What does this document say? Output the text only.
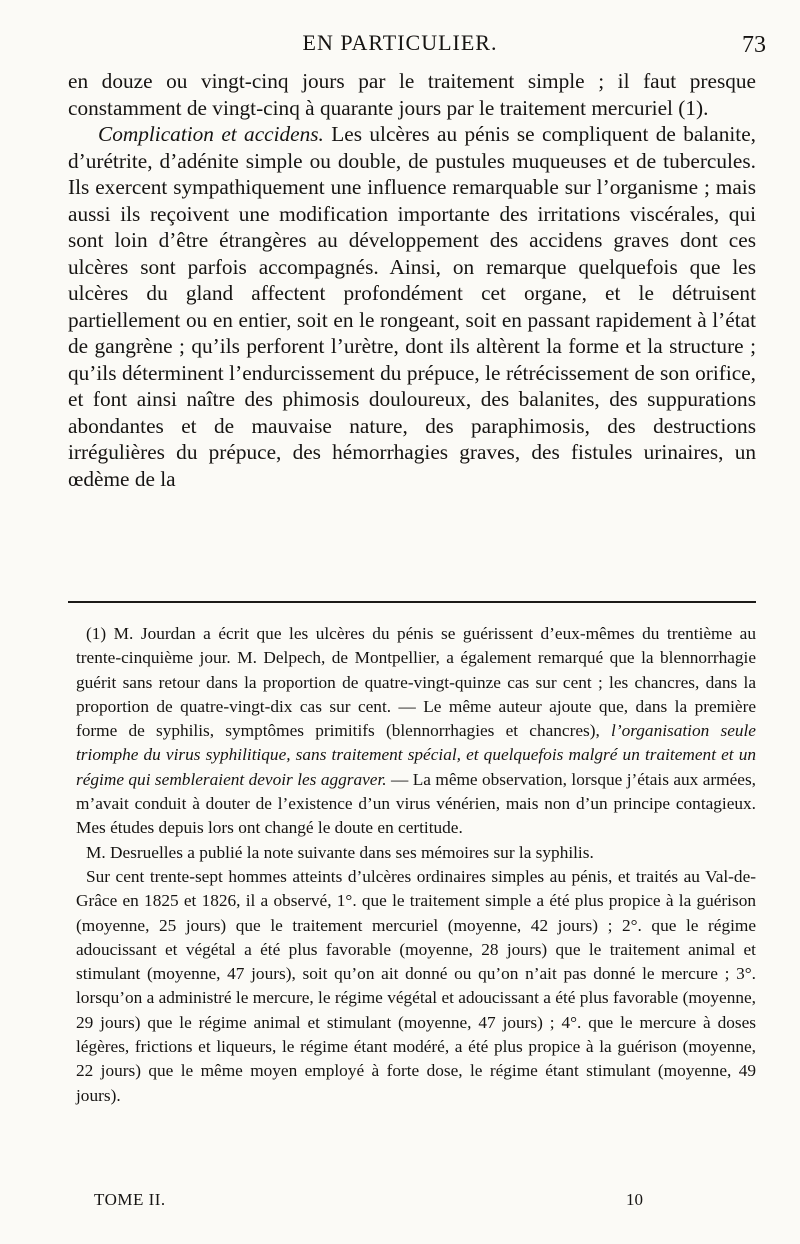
EN PARTICULIER.	73

en douze ou vingt-cinq jours par le traitement simple ; il faut presque constamment de vingt-cinq à quarante jours par le traitement mercuriel (1).

Complication et accidens. Les ulcères au pénis se compliquent de balanite, d’urétrite, d’adénite simple ou double, de pustules muqueuses et de tubercules. Ils exercent sympathiquement une influence remarquable sur l’organisme ; mais aussi ils reçoivent une modification importante des irritations viscérales, qui sont loin d’être étrangères au développement des accidens graves dont ces ulcères sont parfois accompagnés. Ainsi, on remarque quelquefois que les ulcères du gland affectent profondément cet organe, et le détruisent partiellement ou en entier, soit en le rongeant, soit en passant rapidement à l’état de gangrène ; qu’ils perforent l’urètre, dont ils altèrent la forme et la structure ; qu’ils déterminent l’endurcissement du prépuce, le rétrécissement de son orifice, et font ainsi naître des phimosis douloureux, des balanites, des suppurations abondantes et de mauvaise nature, des paraphimosis, des destructions irrégulières du prépuce, des hémorrhagies graves, des fistules urinaires, un œdème de la

(1) M. Jourdan a écrit que les ulcères du pénis se guérissent d’eux-mêmes du trentième au trente-cinquième jour. M. Delpech, de Montpellier, a également remarqué que la blennorrhagie guérit sans retour dans la proportion de quatre-vingt-quinze cas sur cent ; les chancres, dans la proportion de quatre-vingt-dix cas sur cent. — Le même auteur ajoute que, dans la première forme de syphilis, symptômes primitifs (blennorrhagies et chancres), l’organisation seule triomphe du virus syphilitique, sans traitement spécial, et quelquefois malgré un traitement et un régime qui sembleraient devoir les aggraver. — La même observation, lorsque j’étais aux armées, m’avait conduit à douter de l’existence d’un virus vénérien, mais non d’un principe contagieux. Mes études depuis lors ont changé le doute en certitude.

M. Desruelles a publié la note suivante dans ses mémoires sur la syphilis.

Sur cent trente-sept hommes atteints d’ulcères ordinaires simples au pénis, et traités au Val-de-Grâce en 1825 et 1826, il a observé, 1°. que le traitement simple a été plus propice à la guérison (moyenne, 25 jours) que le traitement mercuriel (moyenne, 42 jours) ; 2°. que le régime adoucissant et végétal a été plus favorable (moyenne, 28 jours) que le traitement animal et stimulant (moyenne, 47 jours), soit qu’on ait donné ou qu’on n’ait pas donné le mercure ; 3°. lorsqu’on a administré le mercure, le régime végétal et adoucissant a été plus favorable (moyenne, 29 jours) que le régime animal et stimulant (moyenne, 47 jours) ; 4°. que le mercure à doses légères, frictions et liqueurs, le régime étant modéré, a été plus propice à la guérison (moyenne, 22 jours) que le même moyen employé à forte dose, le régime étant stimulant (moyenne, 49 jours).

TOME II.	10
